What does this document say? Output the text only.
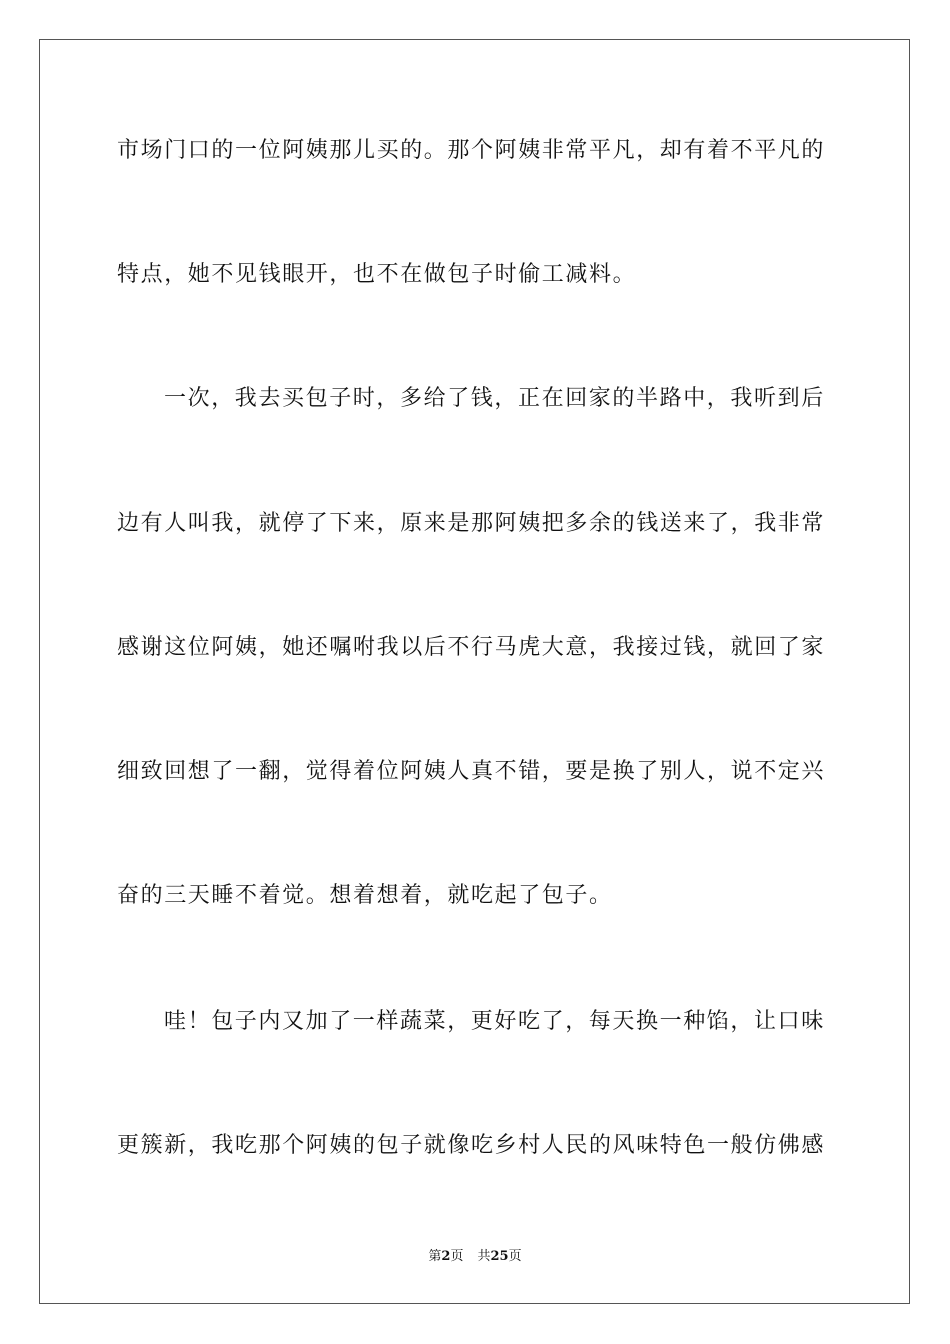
市场门口的一位阿姨那儿买的。那个阿姨非常平凡，却有着不平凡的
特点，她不见钱眼开，也不在做包子时偷工减料。
一次，我去买包子时，多给了钱，正在回家的半路中，我听到后
边有人叫我，就停了下来，原来是那阿姨把多余的钱送来了，我非常
感谢这位阿姨，她还嘱咐我以后不行马虎大意，我接过钱，就回了家
细致回想了一翻，觉得着位阿姨人真不错，要是换了别人，说不定兴
奋的三天睡不着觉。想着想着，就吃起了包子。
哇！包子内又加了一样蔬菜，更好吃了，每天换一种馅，让口味
更簇新，我吃那个阿姨的包子就像吃乡村人民的风味特色一般仿佛感
第2页 共25页
